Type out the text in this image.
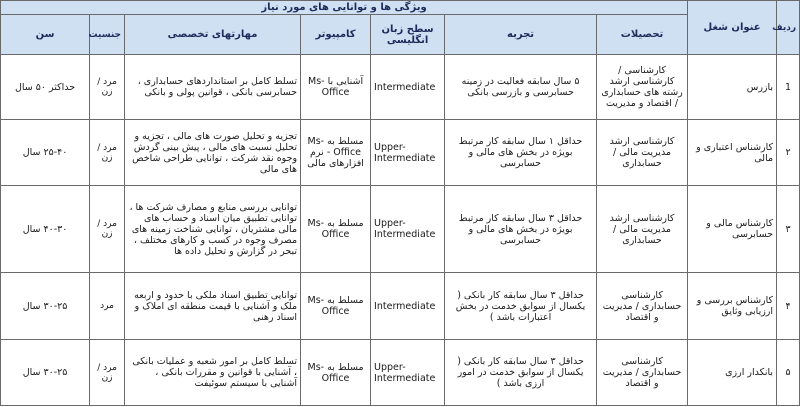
ردیف	عنوان شغل	ویژگی ها و توانایی های مورد نیاز						
		تحصیلات	تجربه	سطح زبان انگلیسی	کامپیوتر	مهارتهای تخصصی	جنسیت	سن
1	بازرس	کارشناسی / کارشناسی ارشد رشته های حسابداری / اقتصاد و مدیریت	۵ سال سابقه فعالیت در زمینه حسابرسی و بازرسی بانکی	Intermediate	آشنایی با Ms-Office	تسلط کامل بر استانداردهای حسابداری ، حسابرسی بانکی ، قوانین پولی و بانکی	مرد / زن	حداکثر ۵۰ سال
۲	کارشناس اعتباری و مالی	کارشناسی ارشد مدیریت مالی / حسابداری	حداقل ۱ سال سابقه کار مرتبط بویژه در بخش های مالی و حسابرسی	Upper-Intermediate	مسلط به Ms-Office - نرم افزارهای مالی	تجزیه و تحلیل صورت های مالی ، تجزیه و تحلیل نسبت های مالی ، پیش بینی گردش وجوه نقد شرکت ، توانایی طراحی شاخص های مالی	مرد / زن	۲۵-۴۰ سال
۳	کارشناس مالی و حسابرسی	کارشناسی ارشد مدیریت مالی / حسابداری	حداقل ۳ سال سابقه کار مرتبط بویژه در بخش های مالی و حسابرسی	Upper-Intermediate	مسلط به Ms-Office	توانایی بررسی منابع و مصارف شرکت ها ، توانایی تطبیق میان اسناد و حساب های مالی مشتریان ، توانایی شناخت زمینه های مصرف وجوه در کسب و کارهای مختلف ، تبحر در گزارش و تحلیل داده ها	مرد / زن	۴۰-۳۰ سال
۴	کارشناس بررسی و ارزیابی وثایق	کارشناسی حسابداری / مدیریت و اقتصاد	حداقل ۳ سال سابقه کار بانکی ( یکسال از سوابق خدمت در بخش اعتبارات باشد )	Intermediate	مسلط به Ms-Office	توانایی تطبیق اسناد ملکی با حدود و اربعه ملک و آشنایی با قیمت منطقه ای املاک و اسناد رهنی	مرد	۳۰-۲۵ سال
۵	بانکدار ارزی	کارشناسی حسابداری / مدیریت و اقتصاد	حداقل ۳ سال سابقه کار بانکی ( یکسال از سوابق خدمت در امور ارزی باشد )	Upper-Intermediate	مسلط به Ms-Office	تسلط کامل بر امور شعبه و عملیات بانکی ، آشنایی با قوانین و مقررات بانکی ، آشنایی با سیستم سوئیفت	مرد / زن	۳۰-۲۵ سال
